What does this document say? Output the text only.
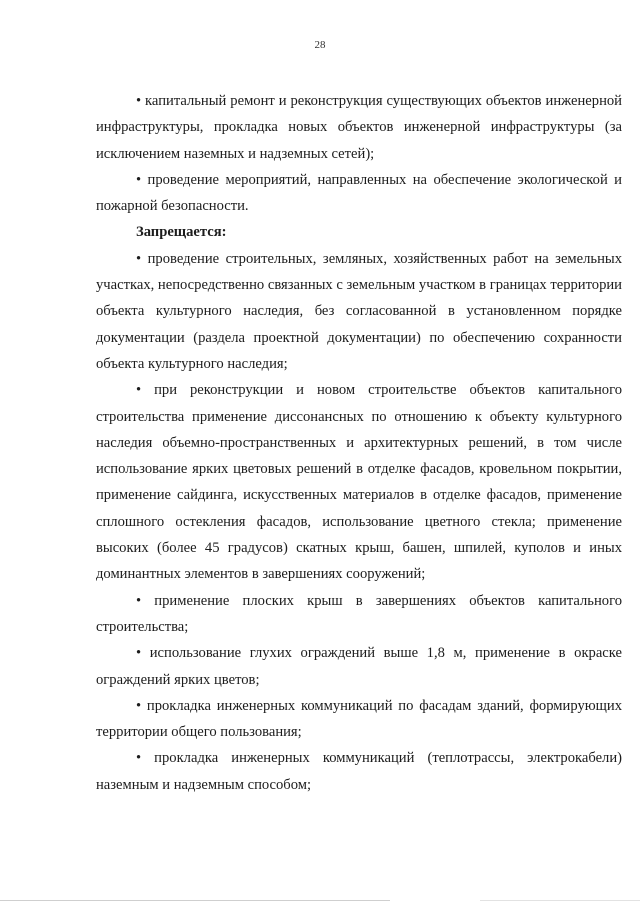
28

• капитальный ремонт и реконструкция существующих объектов инженерной инфраструктуры, прокладка новых объектов инженерной инфраструктуры (за исключением наземных и надземных сетей);

• проведение мероприятий, направленных на обеспечение экологической и пожарной безопасности.

Запрещается:

• проведение строительных, земляных, хозяйственных работ на земельных участках, непосредственно связанных с земельным участком в границах территории объекта культурного наследия, без согласованной в установленном порядке документации (раздела проектной документации) по обеспечению сохранности объекта культурного наследия;

• при реконструкции и новом строительстве объектов капитального строительства применение диссонансных по отношению к объекту культурного наследия объемно-пространственных и архитектурных решений, в том числе использование ярких цветовых решений в отделке фасадов, кровельном покрытии, применение сайдинга, искусственных материалов в отделке фасадов, применение сплошного остекления фасадов, использование цветного стекла; применение высоких (более 45 градусов) скатных крыш, башен, шпилей, куполов и иных доминантных элементов в завершениях сооружений;

• применение плоских крыш в завершениях объектов капитального строительства;

• использование глухих ограждений выше 1,8 м, применение в окраске ограждений ярких цветов;

• прокладка инженерных коммуникаций по фасадам зданий, формирующих территории общего пользования;

• прокладка инженерных коммуникаций (теплотрассы, электрокабели) наземным и надземным способом;
